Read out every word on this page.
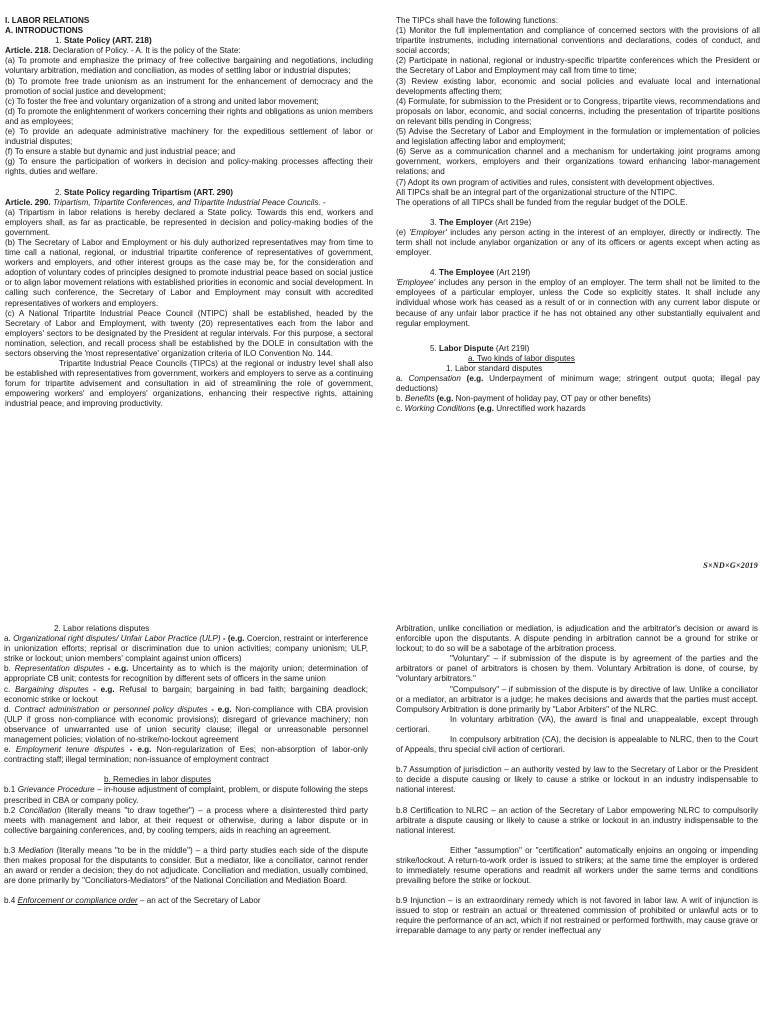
I. LABOR RELATIONS

A. INTRODUCTIONS

1. State Policy (ART. 218)

Article. 218. Declaration of Policy. - A. It is the policy of the State:

(a) To promote and emphasize the primacy of free collective bargaining and negotiations, including voluntary arbitration, mediation and conciliation, as modes of settling labor or industrial disputes;

(b) To promote free trade unionism as an instrument for the enhancement of democracy and the promotion of social justice and development;

(c) To foster the free and voluntary organization of a strong and united labor movement;

(d) To promote the enlightenment of workers concerning their rights and obligations as union members and as employees;

(e) To provide an adequate administrative machinery for the expeditious settlement of labor or industrial disputes;

(f) To ensure a stable but dynamic and just industrial peace; and

(g) To ensure the participation of workers in decision and policy-making processes affecting their rights, duties and welfare.

2. State Policy regarding Tripartism (ART. 290)

Article. 290. Tripartism, Tripartite Conferences, and Tripartite Industrial Peace Councils. -

(a) Tripartism in labor relations is hereby declared a State policy. Towards this end, workers and employers shall, as far as practicable, be represented in decision and policy-making bodies of the government.

(b) The Secretary of Labor and Employment or his duly authorized representatives may from time to time call a national, regional, or industrial tripartite conference of representatives of government, workers and employers, and other interest groups as the case may be, for the consideration and adoption of voluntary codes of principles designed to promote industrial peace based on social justice or to align labor movement relations with established priorities in economic and social development. In calling such conference, the Secretary of Labor and Employment may consult with accredited representatives of workers and employers.

(c) A National Tripartite Industrial Peace Council (NTIPC) shall be established, headed by the Secretary of Labor and Employment, with twenty (20) representatives each from the labor and employers' sectors to be designated by the President at regular intervals. For this purpose, a sectoral nomination, selection, and recall process shall be established by the DOLE in consultation with the sectors observing the 'most representative' organization criteria of ILO Convention No. 144.

Tripartite Industrial Peace Councils (TIPCs) at the regional or industry level shall also be established with representatives from government, workers and employers to serve as a continuing forum for tripartite advisement and consultation in aid of streamlining the role of government, empowering workers' and employers' organizations, enhancing their respective rights, attaining industrial peace, and improving productivity.

The TIPCs shall have the following functions:

(1) Monitor the full implementation and compliance of concerned sectors with the provisions of all tripartite instruments, including international conventions and declarations, codes of conduct, and social accords;

(2) Participate in national, regional or industry-specific tripartite conferences which the President or the Secretary of Labor and Employment may call from time to time;

(3) Review existing labor, economic and social policies and evaluate local and international developments affecting them;

(4) Formulate, for submission to the President or to Congress, tripartite views, recommendations and proposals on labor, economic, and social concerns, including the presentation of tripartite positions on relevant bills pending in Congress;

(5) Advise the Secretary of Labor and Employment in the formulation or implementation of policies and legislation affecting labor and employment;

(6) Serve as a communication channel and a mechanism for undertaking joint programs among government, workers, employers and their organizations toward enhancing labor-management relations; and

(7) Adopt its own program of activities and rules, consistent with development objectives.

All TIPCs shall be an integral part of the organizational structure of the NTIPC.

The operations of all TIPCs shall be funded from the regular budget of the DOLE.

3. The Employer (Art 219e)

(e) 'Employer' includes any person acting in the interest of an employer, directly or indirectly. The term shall not include anylabor organization or any of its officers or agents except when acting as employer.

4. The Employee (Art 219f)

'Employee' includes any person in the employ of an employer. The term shall not be limited to the employees of a particular employer, unless the Code so explicitly states. It shall include any individual whose work has ceased as a result of or in connection with any current labor dispute or because of any unfair labor practice if he has not obtained any other substantially equivalent and regular employment.

5. Labor Dispute (Art 219l)

a. Two kinds of labor disputes

1. Labor standard disputes

a. Compensation (e.g. Underpayment of minimum wage; stringent output quota; illegal pay deductions)

b. Benefits (e.g. Non-payment of holiday pay, OT pay or other benefits)

c. Working Conditions (e.g. Unrectified work hazards

S×ND×G×2019

2. Labor relations disputes

a. Organizational right disputes/ Unfair Labor Practice (ULP) - (e.g. Coercion, restraint or interference in unionization efforts; reprisal or discrimination due to union activities; company unionism; ULP, strike or lockout; union members' complaint against union officers)

b. Representation disputes - e.g. Uncertainty as to which is the majority union; determination of appropriate CB unit; contests for recognition by different sets of officers in the same union

c. Bargaining disputes - e.g. Refusal to bargain; bargaining in bad faith; bargaining deadlock; economic strike or lockout

d. Contract administration or personnel policy disputes - e.g. Non-compliance with CBA provision (ULP if gross non-compliance with economic provisions); disregard of grievance machinery; non observance of unwarranted use of union security clause; illegal or unreasonable personnel management policies; violation of no-strike/no-lockout agreement

e. Employment tenure disputes - e.g. Non-regularization of Ees; non-absorption of labor-only contracting staff; illegal termination; non-issuance of employment contract

b. Remedies in labor disputes

b.1 Grievance Procedure – in-house adjustment of complaint, problem, or dispute following the steps prescribed in CBA or company policy.

b.2 Conciliation (literally means "to draw together") – a process where a disinterested third party meets with management and labor, at their request or otherwise, during a labor dispute or in collective bargaining conferences, and, by cooling tempers, aids in reaching an agreement.

b.3 Mediation (literally means "to be in the middle") – a third party studies each side of the dispute then makes proposal for the disputants to consider. But a mediator, like a conciliator, cannot render an award or render a decision; they do not adjudicate. Conciliation and mediation, usually combined, are done primarily by "Conciliators-Mediators" of the National Conciliation and Mediation Board.

b.4 Enforcement or compliance order – an act of the Secretary of Labor

Arbitration, unlike conciliation or mediation, is adjudication and the arbitrator's decision or award is enforcible upon the disputants. A dispute pending in arbitration cannot be a ground for strike or lockout; to do so will be a sabotage of the arbitration process.

"Voluntary" – if submission of the dispute is by agreement of the parties and the arbitrators or panel of arbitrators is chosen by them. Voluntary Arbitration is done, of course, by "voluntary arbitrators."

"Compulsory" – if submission of the dispute is by directive of law. Unlike a conciliator or a mediator, an arbitrator is a judge; he makes decisions and awards that the parties must accept. Compulsory Arbitration is done primarily by "Labor Arbiters" of the NLRC.

In voluntary arbitration (VA), the award is final and unappealable, except through certiorari.

In compulsory arbitration (CA), the decision is appealable to NLRC, then to the Court of Appeals, thru special civil action of certiorari.

b.7 Assumption of jurisdiction – an authority vested by law to the Secretary of Labor or the President to decide a dispute causing or likely to cause a strike or lockout in an industry indispensable to national interest.

b.8 Certification to NLRC – an action of the Secretary of Labor empowering NLRC to compulsorily arbitrate a dispute causing or likely to cause a strike or lockout in an industry indispensable to the national interest.

Either "assumption" or "certification" automatically enjoins an ongoing or impending strike/lockout. A return-to-work order is issued to strikers; at the same time the employer is ordered to immediately resume operations and readmit all workers under the same terms and conditions prevailing before the strike or lockout.

b.9 Injunction – is an extraordinary remedy which is not favored in labor law. A writ of injunction is issued to stop or restrain an actual or threatened commission of prohibited or unlawful acts or to require the performance of an act, which if not restrained or performed forthwith, may cause grave or irreparable damage to any party or render ineffectual any
